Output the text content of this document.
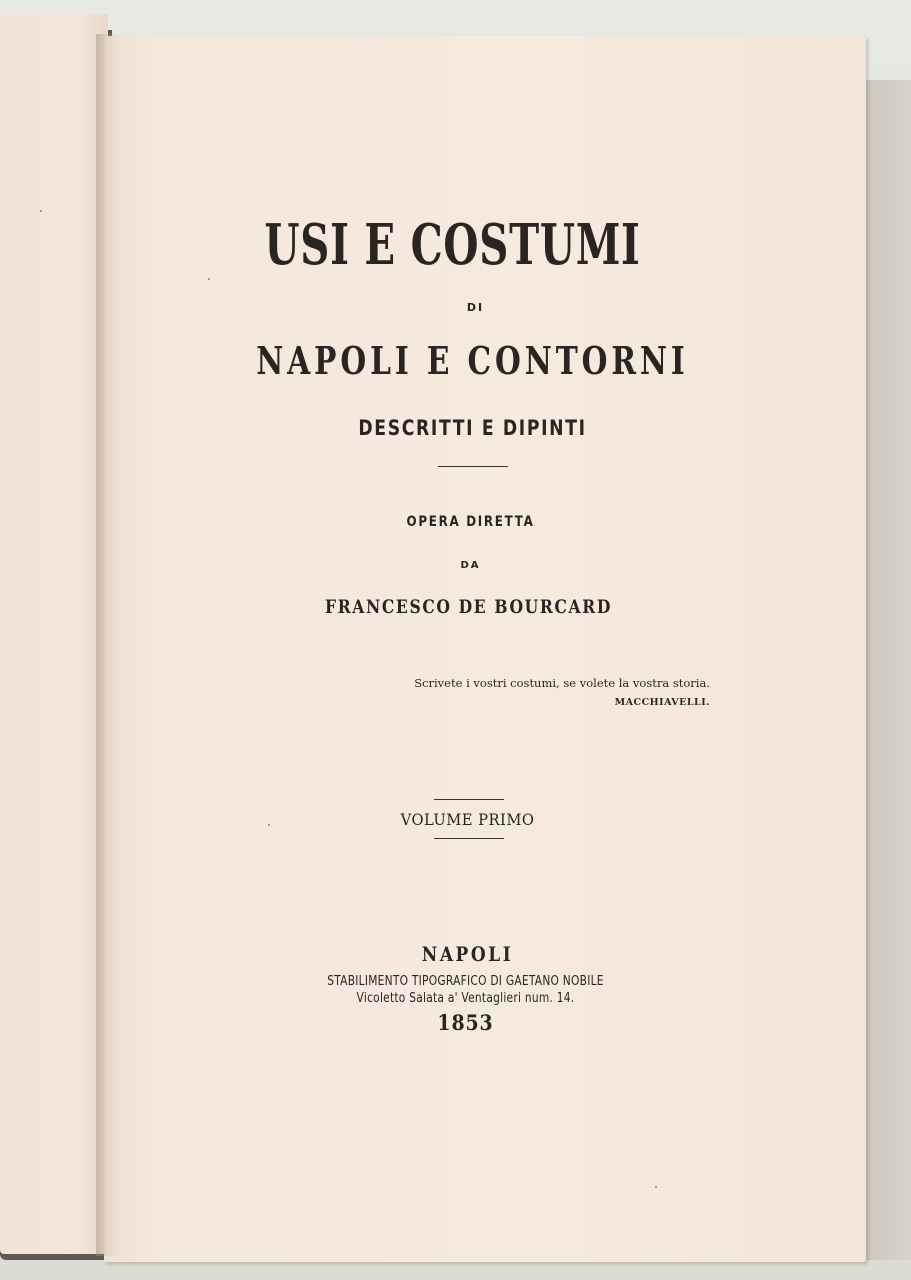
USI E COSTUMI
DI
NAPOLI E CONTORNI
DESCRITTI E DIPINTI
OPERA DIRETTA
DA
FRANCESCO DE BOURCARD
Scrivete i vostri costumi, se volete la vostra storia.
MACCHIAVELLI.
VOLUME PRIMO
NAPOLI
STABILIMENTO TIPOGRAFICO DI GAETANO NOBILE
Vicoletto Salata a' Ventaglieri num. 14.
1853
